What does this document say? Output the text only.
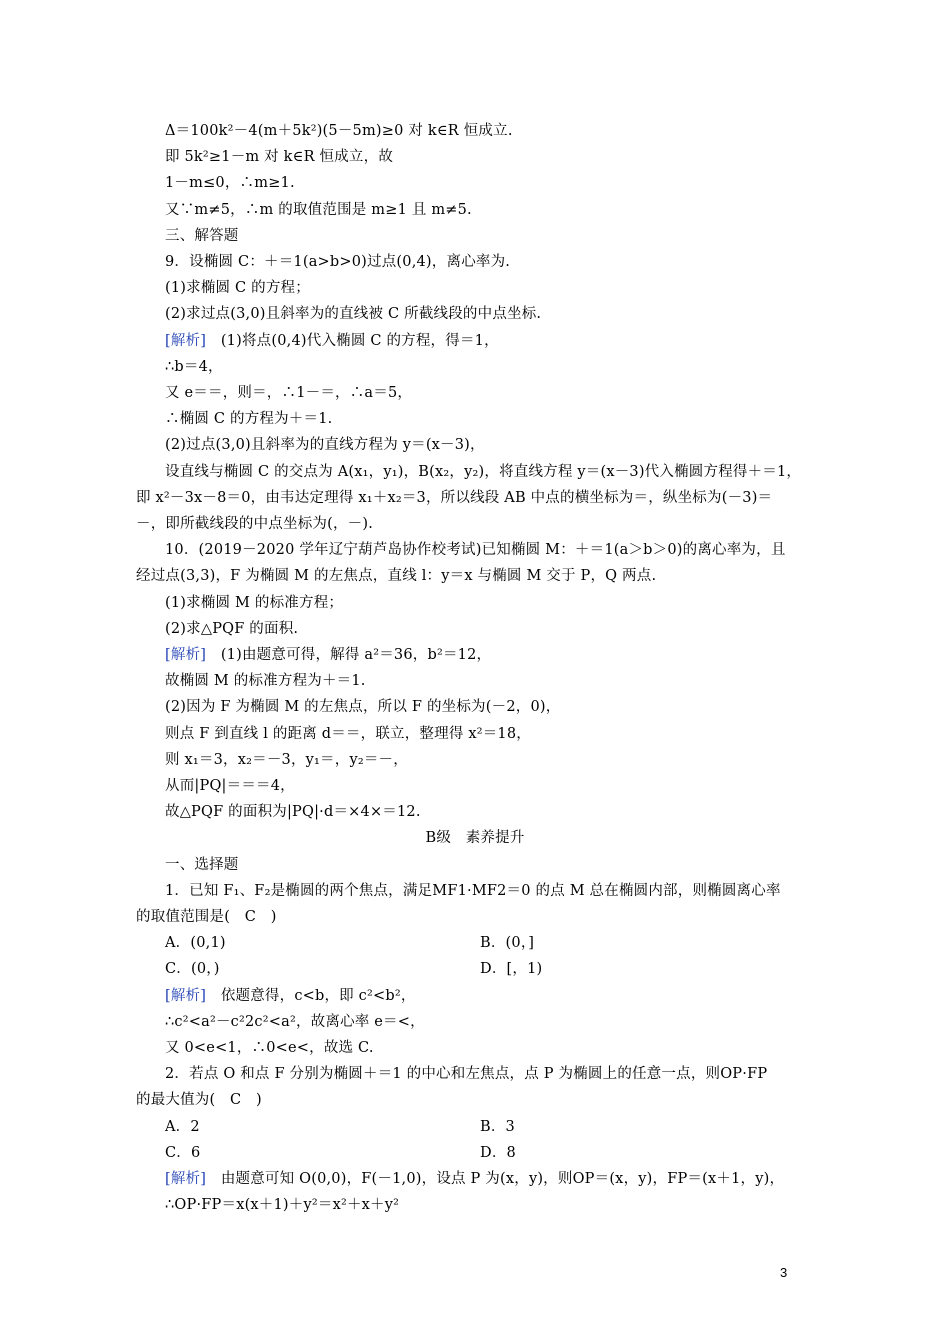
Δ＝100k²－4(m＋5k²)(5－5m)≥0 对 k∈R 恒成立.
即 5k²≥1－m 对 k∈R 恒成立，故
1－m≤0，∴m≥1.
又∵m≠5，∴m 的取值范围是 m≥1 且 m≠5.
三、解答题
9．设椭圆 C：＋＝1(a>b>0)过点(0,4)，离心率为.
(1)求椭圆 C 的方程；
(2)求过点(3,0)且斜率为的直线被 C 所截线段的中点坐标.
[解析]　(1)将点(0,4)代入椭圆 C 的方程，得＝1，
∴b＝4，
又 e＝＝，则＝，∴1－＝，∴a＝5，
∴椭圆 C 的方程为＋＝1.
(2)过点(3,0)且斜率为的直线方程为 y＝(x－3)，
设直线与椭圆 C 的交点为 A(x₁，y₁)，B(x₂，y₂)，将直线方程 y＝(x－3)代入椭圆方程得＋＝1，
即 x²－3x－8＝0，由韦达定理得 x₁＋x₂＝3，所以线段 AB 中点的横坐标为＝，纵坐标为(－3)＝
－，即所截线段的中点坐标为(，－).
10．(2019－2020 学年辽宁葫芦岛协作校考试)已知椭圆 M：＋＝1(a＞b＞0)的离心率为，且
经过点(3,3)，F 为椭圆 M 的左焦点，直线 l：y＝x 与椭圆 M 交于 P，Q 两点.
(1)求椭圆 M 的标准方程；
(2)求△PQF 的面积.
[解析]　(1)由题意可得，解得 a²＝36，b²＝12，
故椭圆 M 的标准方程为＋＝1.
(2)因为 F 为椭圆 M 的左焦点，所以 F 的坐标为(－2，0)，
则点 F 到直线 l 的距离 d＝＝，联立，整理得 x²＝18，
则 x₁＝3，x₂＝－3，y₁＝，y₂＝－，
从而|PQ|＝＝＝4，
故△PQF 的面积为|PQ|·d＝×4×＝12.
B级　素养提升
一、选择题
1．已知 F₁、F₂是椭圆的两个焦点，满足MF1·MF2＝0 的点 M 总在椭圆内部，则椭圆离心率
的取值范围是(　C　)
A．(0,1)	B．(0，]
C．(0，)	D．[，1)
[解析]　依题意得，c<b，即 c²<b²，
∴c²<a²－c²2c²<a²，故离心率 e＝<，
又 0<e<1，∴0<e<，故选 C.
2．若点 O 和点 F 分别为椭圆＋＝1 的中心和左焦点，点 P 为椭圆上的任意一点，则OP·FP
的最大值为(　C　)
A．2	B．3
C．6	D．8
[解析]　由题意可知 O(0,0)，F(－1,0)，设点 P 为(x，y)，则OP＝(x，y)，FP＝(x＋1，y)，
∴OP·FP＝x(x＋1)＋y²＝x²＋x＋y²
3
